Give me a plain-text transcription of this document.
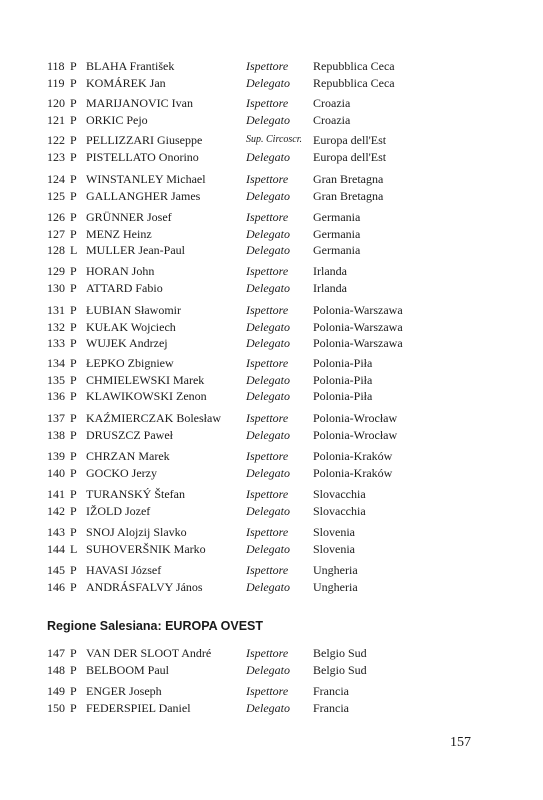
118 P BLAHA František	Ispettore Repubblica Ceca
119 P KOMÁREK Jan	Delegato Repubblica Ceca
120 P MARIJANOVIC Ivan	Ispettore Croazia
121 P ORKIC Pejo	Delegato Croazia
122 P PELLIZZARI Giuseppe	Sup. Circoscr. Europa dell'Est
123 P PISTELLATO Onorino	Delegato Europa dell'Est
124 P WINSTANLEY Michael	Ispettore Gran Bretagna
125 P GALLANGHER James	Delegato Gran Bretagna
126 P GRÜNNER Josef	Ispettore Germania
127 P MENZ Heinz	Delegato Germania
128 L MULLER Jean-Paul	Delegato Germania
129 P HORAN John	Ispettore Irlanda
130 P ATTARD Fabio	Delegato Irlanda
131 P ŁUBIAN Sławomir	Ispettore Polonia-Warszawa
132 P KUŁAK Wojciech	Delegato Polonia-Warszawa
133 P WUJEK Andrzej	Delegato Polonia-Warszawa
134 P ŁEPKO Zbigniew	Ispettore Polonia-Piła
135 P CHMIELEWSKI Marek	Delegato Polonia-Piła
136 P KLAWIKOWSKI Zenon	Delegato Polonia-Piła
137 P KAŹMIERCZAK Bolesław Ispettore Polonia-Wrocław
138 P DRUSZCZ Paweł	Delegato Polonia-Wrocław
139 P CHRZAN Marek	Ispettore Polonia-Kraków
140 P GOCKO Jerzy	Delegato Polonia-Kraków
141 P TURANSKÝ Štefan	Ispettore Slovacchia
142 P IŽOLD Jozef	Delegato Slovacchia
143 P SNOJ Alojzij Slavko	Ispettore Slovenia
144 L SUHOVERŠNIK Marko	Delegato Slovenia
145 P HAVASI József	Ispettore Ungheria
146 P ANDRÁSFALVY János	Delegato Ungheria
147 P VAN DER SLOOT André	Ispettore Belgio Sud
148 P BELBOOM Paul	Delegato Belgio Sud
149 P ENGER Joseph	Ispettore Francia
150 P FEDERSPIEL Daniel	Delegato Francia
Regione Salesiana: EUROPA OVEST
157
